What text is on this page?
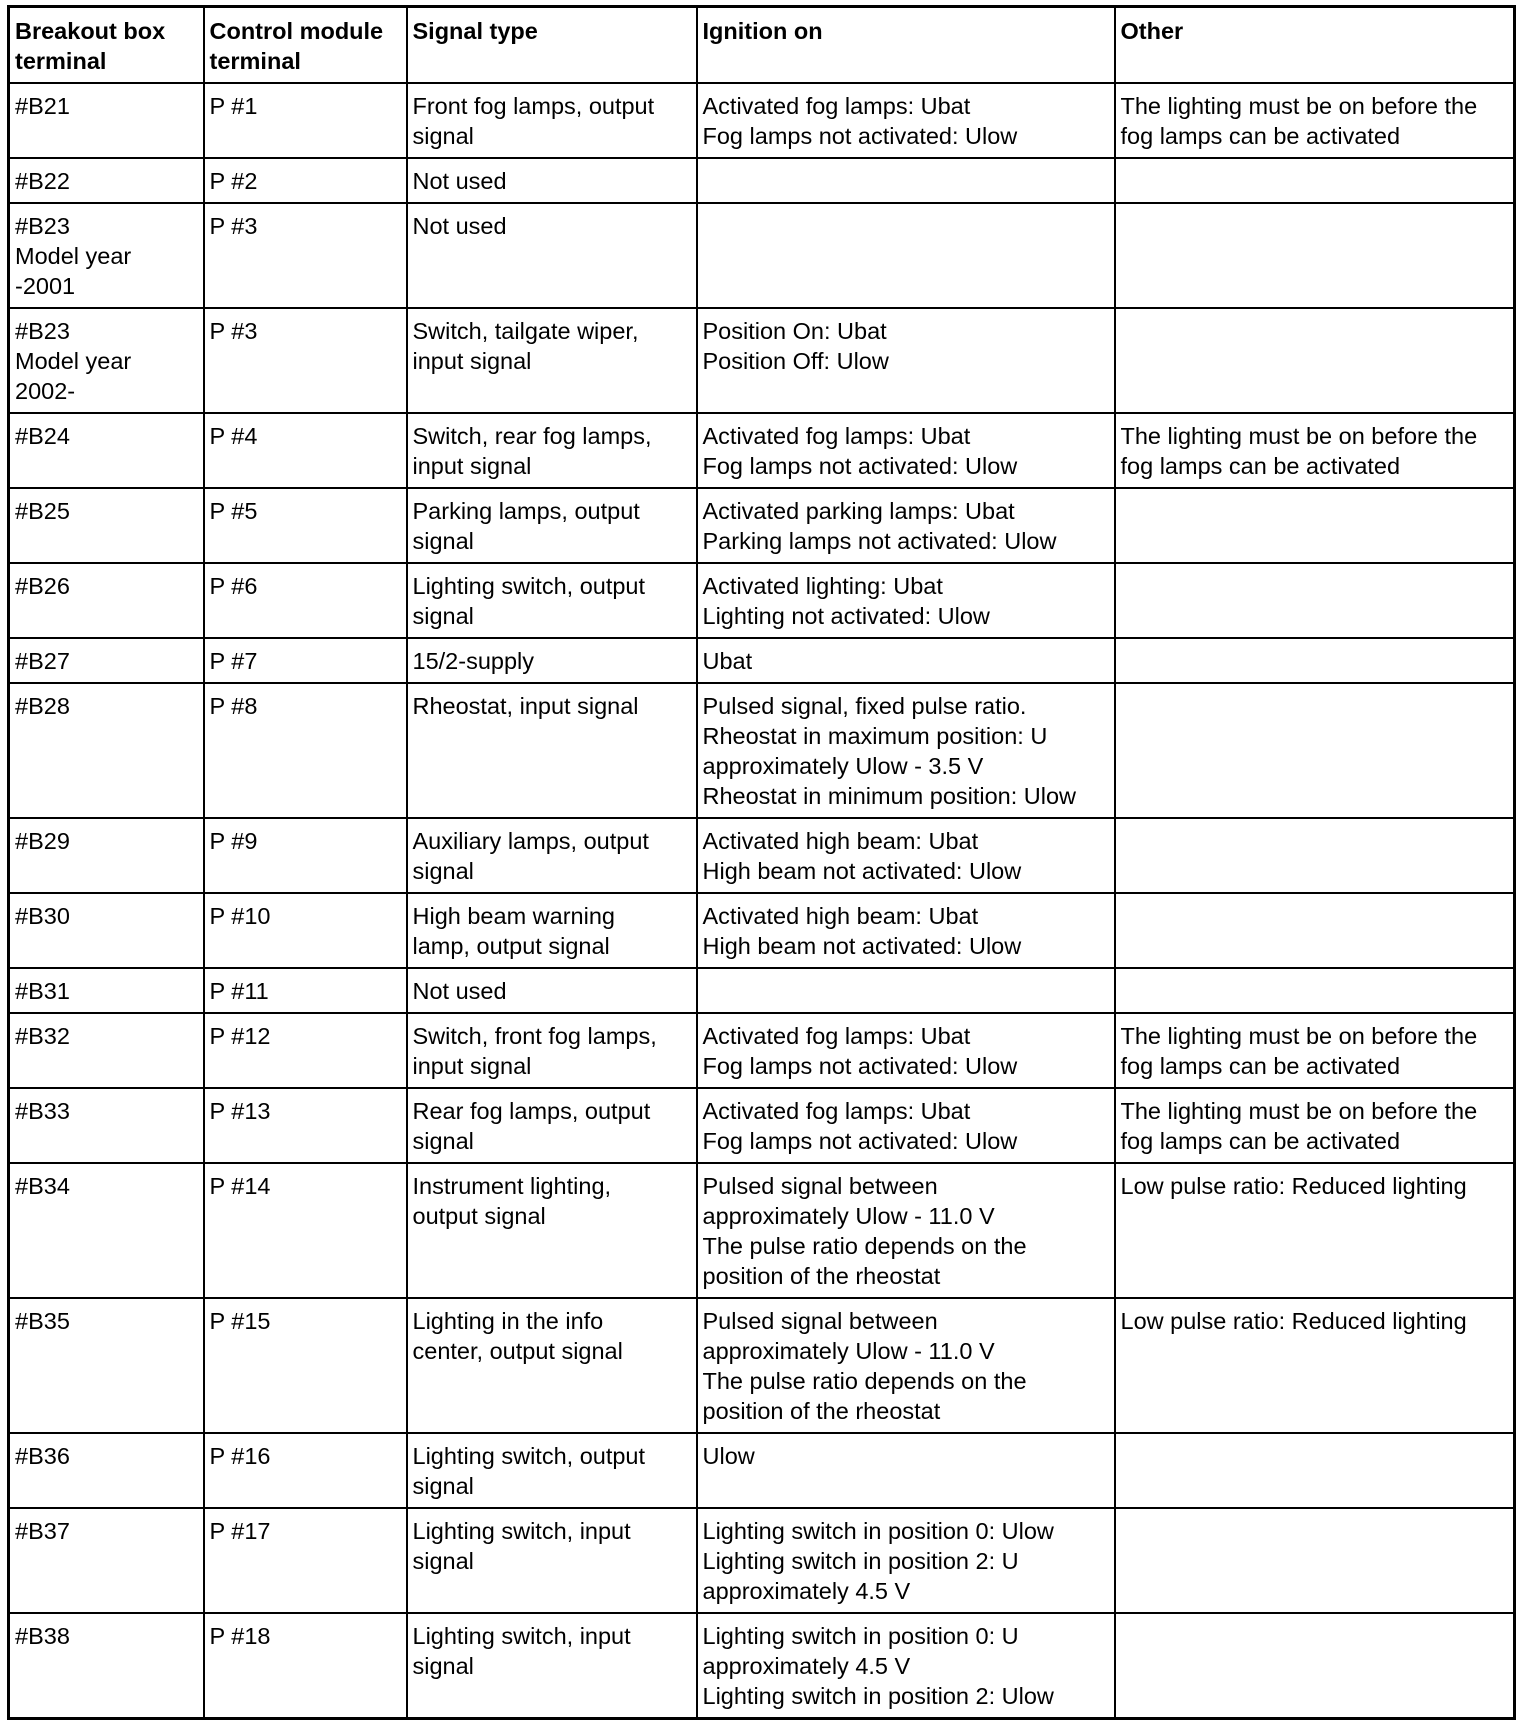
Breakout box
terminal	Control module
terminal	Signal type	Ignition on	Other
#B21	P #1	Front fog lamps, output
signal	Activated fog lamps: Ubat
Fog lamps not activated: Ulow	The lighting must be on before the
fog lamps can be activated
#B22	P #2	Not used		
#B23
Model year
-2001	P #3	Not used		
#B23
Model year
2002-	P #3	Switch, tailgate wiper,
input signal	Position On: Ubat
Position Off: Ulow	
#B24	P #4	Switch, rear fog lamps,
input signal	Activated fog lamps: Ubat
Fog lamps not activated: Ulow	The lighting must be on before the
fog lamps can be activated
#B25	P #5	Parking lamps, output
signal	Activated parking lamps: Ubat
Parking lamps not activated: Ulow	
#B26	P #6	Lighting switch, output
signal	Activated lighting: Ubat
Lighting not activated: Ulow	
#B27	P #7	15/2-supply	Ubat	
#B28	P #8	Rheostat, input signal	Pulsed signal, fixed pulse ratio.
Rheostat in maximum position: U
approximately Ulow - 3.5 V
Rheostat in minimum position: Ulow	
#B29	P #9	Auxiliary lamps, output
signal	Activated high beam: Ubat
High beam not activated: Ulow	
#B30	P #10	High beam warning
lamp, output signal	Activated high beam: Ubat
High beam not activated: Ulow	
#B31	P #11	Not used		
#B32	P #12	Switch, front fog lamps,
input signal	Activated fog lamps: Ubat
Fog lamps not activated: Ulow	The lighting must be on before the
fog lamps can be activated
#B33	P #13	Rear fog lamps, output
signal	Activated fog lamps: Ubat
Fog lamps not activated: Ulow	The lighting must be on before the
fog lamps can be activated
#B34	P #14	Instrument lighting,
output signal	Pulsed signal between
approximately Ulow - 11.0 V
The pulse ratio depends on the
position of the rheostat	Low pulse ratio: Reduced lighting
#B35	P #15	Lighting in the info
center, output signal	Pulsed signal between
approximately Ulow - 11.0 V
The pulse ratio depends on the
position of the rheostat	Low pulse ratio: Reduced lighting
#B36	P #16	Lighting switch, output
signal	Ulow	
#B37	P #17	Lighting switch, input
signal	Lighting switch in position 0: Ulow
Lighting switch in position 2: U
approximately 4.5 V	
#B38	P #18	Lighting switch, input
signal	Lighting switch in position 0: U
approximately 4.5 V
Lighting switch in position 2: Ulow	
